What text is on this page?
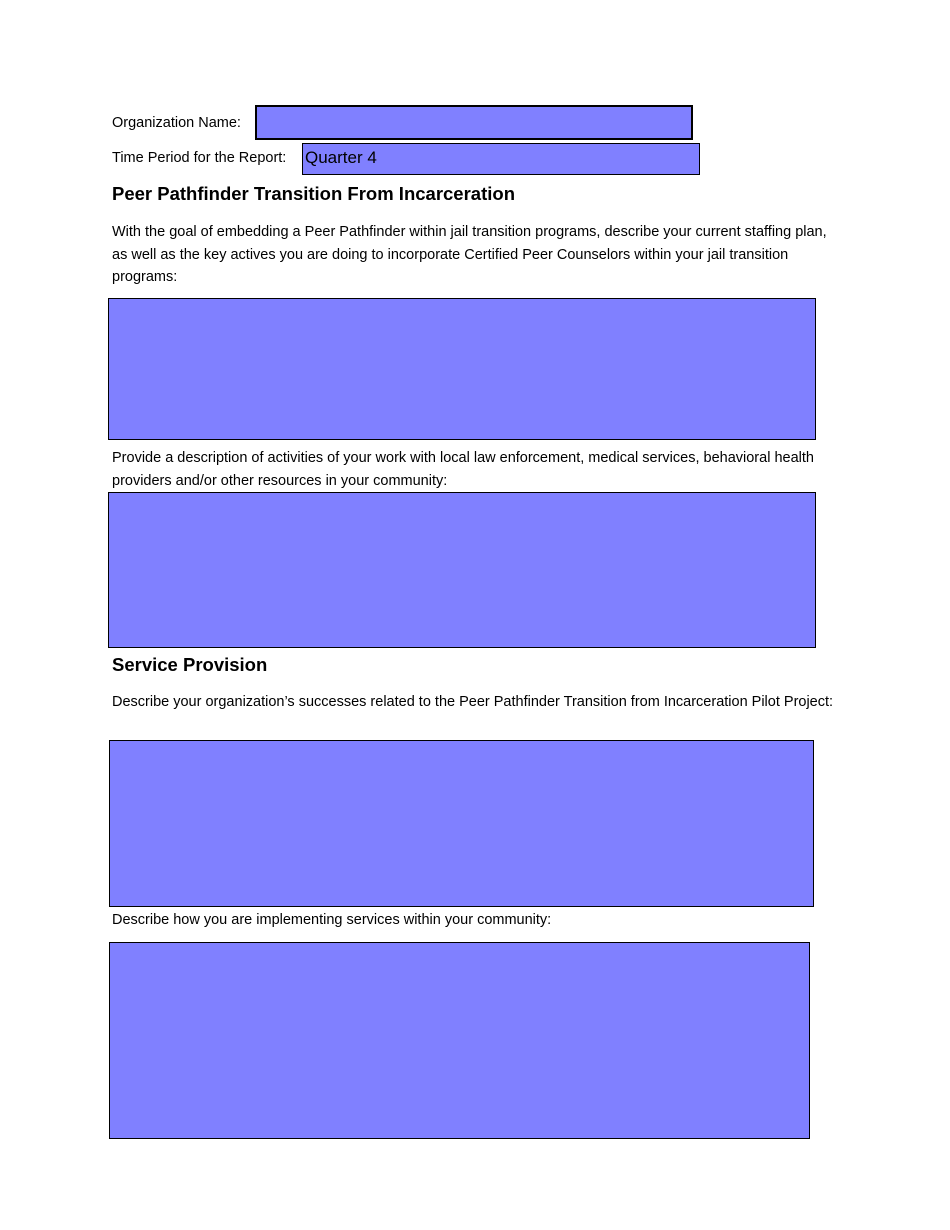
Organization Name:
Time Period for the Report: Quarter 4
Peer Pathfinder Transition From Incarceration
With the goal of embedding a Peer Pathfinder within jail transition programs, describe your current staffing plan, as well as the key actives you are doing to incorporate Certified Peer Counselors within your jail transition programs:
Provide a description of activities of your work with local law enforcement, medical services, behavioral health providers and/or other resources in your community:
Service Provision
Describe your organization’s successes related to the Peer Pathfinder Transition from Incarceration Pilot Project:
Describe how you are implementing services within your community:
